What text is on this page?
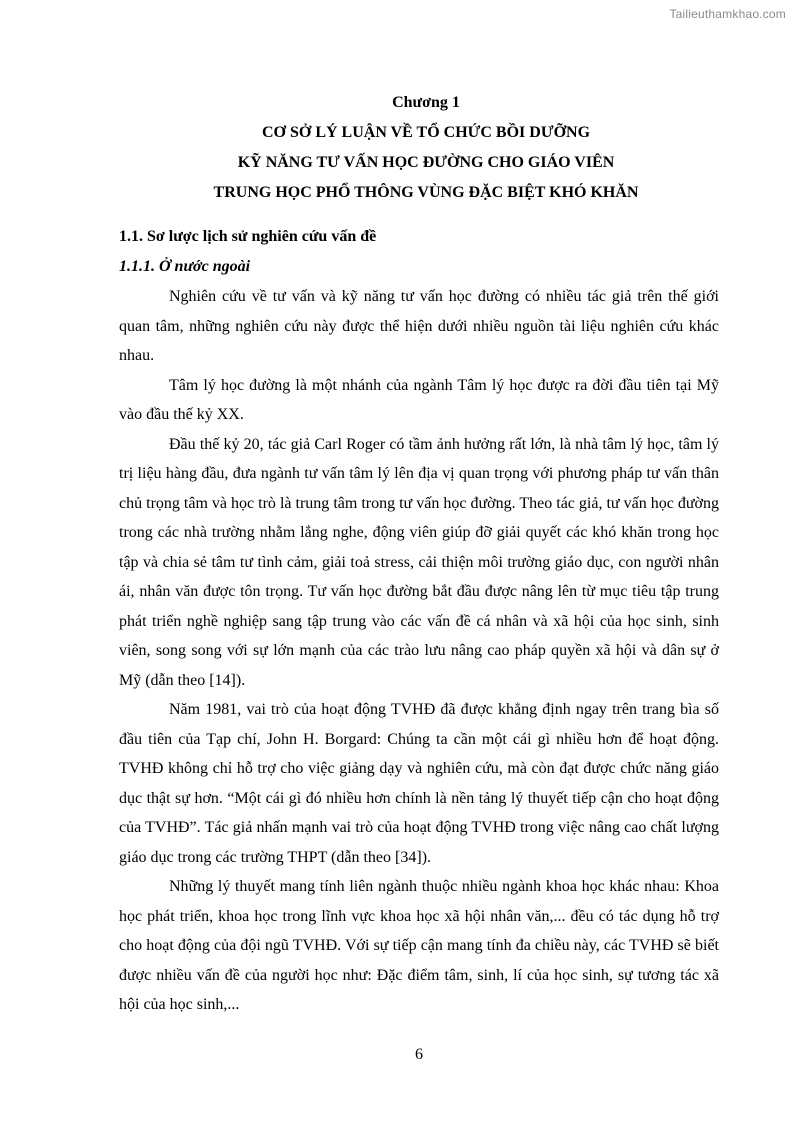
Tailieuthamkhao.com
Chương 1
CƠ SỞ LÝ LUẬN VỀ TỔ CHỨC BỒI DƯỠNG
KỸ NĂNG TƯ VẤN HỌC ĐƯỜNG CHO GIÁO VIÊN
TRUNG HỌC PHỔ THÔNG VÙNG ĐẶC BIỆT KHÓ KHĂN
1.1. Sơ lược lịch sử nghiên cứu vấn đề
1.1.1. Ở nước ngoài

Nghiên cứu về tư vấn và kỹ năng tư vấn học đường có nhiều tác giả trên thế giới quan tâm, những nghiên cứu này được thể hiện dưới nhiều nguồn tài liệu nghiên cứu khác nhau.

Tâm lý học đường là một nhánh của ngành Tâm lý học được ra đời đầu tiên tại Mỹ vào đầu thế kỷ XX.

Đầu thế kỷ 20, tác giả Carl Roger có tầm ảnh hưởng rất lớn, là nhà tâm lý học, tâm lý trị liệu hàng đầu, đưa ngành tư vấn tâm lý lên địa vị quan trọng với phương pháp tư vấn thân chủ trọng tâm và học trò là trung tâm trong tư vấn học đường. Theo tác giả, tư vấn học đường trong các nhà trường nhằm lắng nghe, động viên giúp đỡ giải quyết các khó khăn trong học tập và chia sẻ tâm tư tình cảm, giải toả stress, cải thiện môi trường giáo dục, con người nhân ái, nhân văn được tôn trọng. Tư vấn học đường bắt đầu được nâng lên từ mục tiêu tập trung phát triển nghề nghiệp sang tập trung vào các vấn đề cá nhân và xã hội của học sinh, sinh viên, song song với sự lớn mạnh của các trào lưu nâng cao pháp quyền xã hội và dân sự ở Mỹ (dẫn theo [14]).

Năm 1981, vai trò của hoạt động TVHĐ đã được khẳng định ngay trên trang bìa số đầu tiên của Tạp chí, John H. Borgard: Chúng ta cần một cái gì nhiều hơn để hoạt động. TVHĐ không chỉ hỗ trợ cho việc giảng dạy và nghiên cứu, mà còn đạt được chức năng giáo dục thật sự hơn. “Một cái gì đó nhiều hơn chính là nền tảng lý thuyết tiếp cận cho hoạt động của TVHĐ”. Tác giả nhấn mạnh vai trò của hoạt động TVHĐ trong việc nâng cao chất lượng giáo dục trong các trường THPT (dẫn theo [34]).

Những lý thuyết mang tính liên ngành thuộc nhiều ngành khoa học khác nhau: Khoa học phát triển, khoa học trong lĩnh vực khoa học xã hội nhân văn,... đều có tác dụng hỗ trợ cho hoạt động của đội ngũ TVHĐ. Với sự tiếp cận mang tính đa chiều này, các TVHĐ sẽ biết được nhiều vấn đề của người học như: Đặc điểm tâm, sinh, lí của học sinh, sự tương tác xã hội của học sinh,...

6
